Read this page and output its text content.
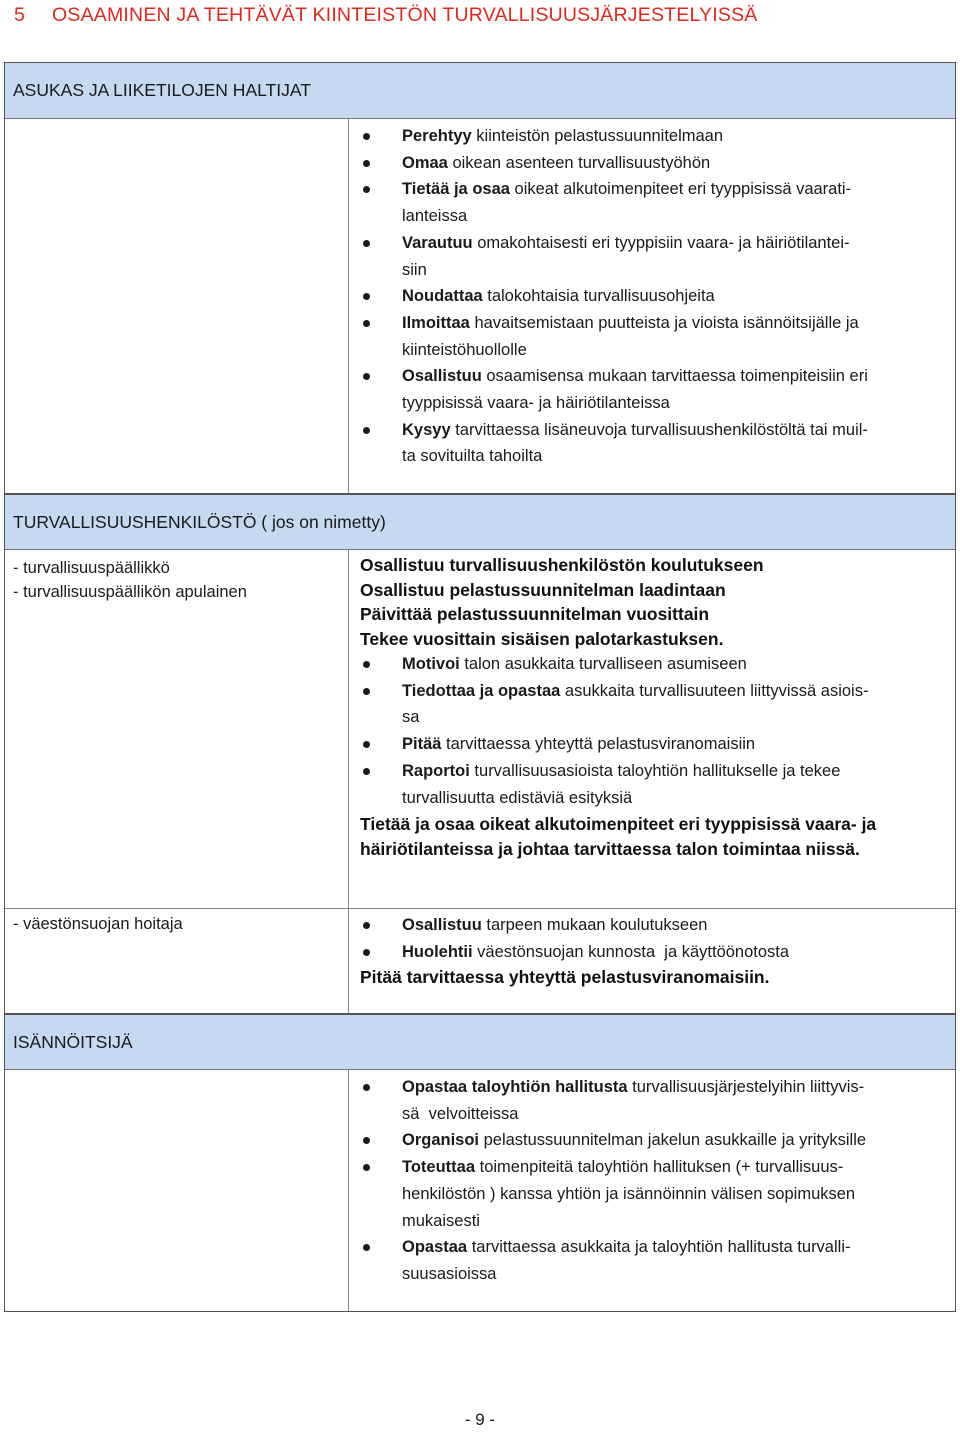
5 OSAAMINEN JA TEHTÄVÄT KIINTEISTÖN TURVALLISUUSJÄRJESTELYISSÄ
ASUKAS JA LIIKETILOJEN HALTIJAT
Perehtyy kiinteistön pelastussuunnitelmaan
Omaa oikean asenteen turvallisuustyöhön
Tietää ja osaa oikeat alkutoimenpiteet eri tyyppisissä vaarati-
lanteissa
Varautuu omakohtaisesti eri tyyppisiin vaara- ja häiriötilantei-
siin
Noudattaa talokohtaisia turvallisuusohjeita
Ilmoittaa havaitsemistaan puutteista ja vioista isännöitsijälle ja
kiinteistöhuollolle
Osallistuu osaamisensa mukaan tarvittaessa toimenpiteisiin eri
tyyppisissä vaara- ja häiriötilanteissa
Kysyy tarvittaessa lisäneuvoja turvallisuushenkilöstöltä tai muil-
ta sovituilta tahoilta
TURVALLISUUSHENKILÖSTÖ ( jos on nimetty)
- turvallisuuspäällikkö
- turvallisuuspäällikön apulainen
Osallistuu turvallisuushenkilöstön koulutukseen
Osallistuu pelastussuunnitelman laadintaan
Päivittää pelastussuunnitelman vuosittain
Tekee vuosittain sisäisen palotarkastuksen.
Motivoi talon asukkaita turvalliseen asumiseen
Tiedottaa ja opastaa asukkaita turvallisuuteen liittyvissä asiois-
sa
Pitää tarvittaessa yhteyttä pelastusviranomaisiin
Raportoi turvallisuusasioista taloyhtiön hallitukselle ja tekee
turvallisuutta edistäviä esityksiä
Tietää ja osaa oikeat alkutoimenpiteet eri tyyppisissä vaara- ja häiriötilanteissa ja johtaa tarvittaessa talon toimintaa niissä.
- väestönsuojan hoitaja	Osallistuu tarpeen mukaan koulutukseen
Huolehtii väestönsuojan kunnosta  ja käyttöönotosta
Pitää tarvittaessa yhteyttä pelastusviranomaisiin.
ISÄNNÖITSIJÄ
Opastaa taloyhtiön hallitusta turvallisuusjärjestelyihin liittyvis-
sä  velvoitteissa
Organisoi pelastussuunnitelman jakelun asukkaille ja yrityksille
Toteuttaa toimenpiteitä taloyhtiön hallituksen (+ turvallisuus-
henkilöstön ) kanssa yhtiön ja isännöinnin välisen sopimuksen
mukaisesti
Opastaa tarvittaessa asukkaita ja taloyhtiön hallitusta turvalli-
suusasioissa
- 9 -
